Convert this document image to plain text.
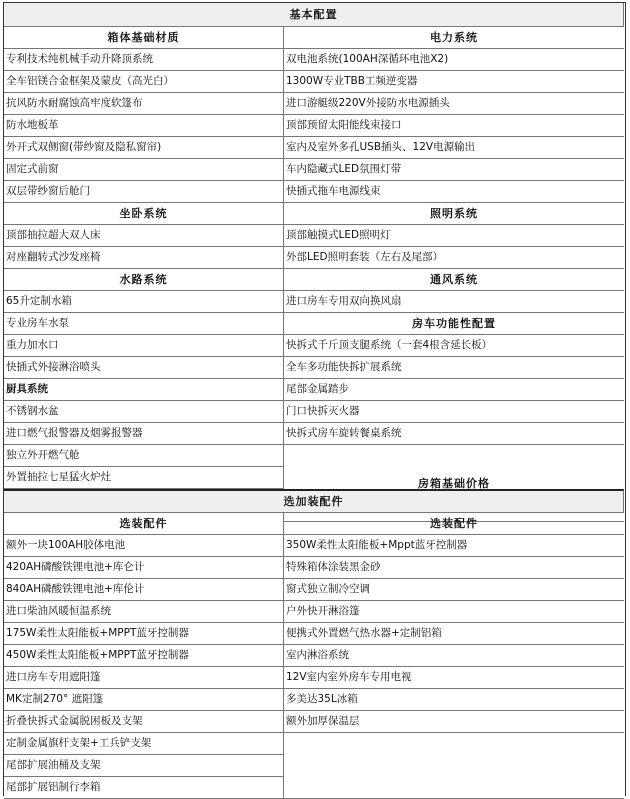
基本配置
箱体基础材质
专利技术纯机械手动升降顶系统
全车铝镁合金框架及蒙皮（高光白）
抗风防水耐腐蚀高牢度软篷布
防水地板革
外开式双侧窗(带纱窗及隐私窗帘)
固定式前窗
双层带纱窗后舱门
坐卧系统
顶部抽拉超大双人床
对座翻转式沙发座椅
水路系统
65升定制水箱
专业房车水泵
重力加水口
快插式外接淋浴喷头
厨具系统
不锈钢水盆
进口燃气报警器及烟雾报警器
独立外开燃气舱
外置抽拉七星猛火炉灶
电力系统
双电池系统(100AH深循环电池X2)
1300W专业TBB工频逆变器
进口游艇级220V外接防水电源插头
顶部预留太阳能线束接口
室内及室外多孔USB插头、12V电源输出
车内隐藏式LED氛围灯带
快插式拖车电源线束
照明系统
顶部触摸式LED照明灯
外部LED照明套装（左右及尾部）
通风系统
进口房车专用双向换风扇
房车功能性配置
快拆式千斤顶支腿系统（一套4根含延长板）
全车多功能快拆扩展系统
尾部金属踏步
门口快拆灭火器
快拆式房车旋转餐桌系统
房箱基础价格
选加装配件
选装配件
额外一块100AH胶体电池
420AH磷酸铁锂电池+库仑计
840AH磷酸铁锂电池+库伦计
进口柴油风暖恒温系统
175W柔性太阳能板+MPPT蓝牙控制器
450W柔性太阳能板+MPPT蓝牙控制器
进口房车专用遮阳篷
MK定制270° 遮阳篷
折叠快拆式金属脱困板及支架
定制金属旗杆支架+工兵铲支架
尾部扩展油桶及支架
尾部扩展铝制行李箱
选装配件
350W柔性太阳能板+Mppt蓝牙控制器
特殊箱体涂装黑金砂
窗式独立制冷空调
户外快开淋浴篷
便携式外置燃气热水器+定制铝箱
室内淋浴系统
12V室内室外房车专用电视
多美达35L冰箱
额外加厚保温层
